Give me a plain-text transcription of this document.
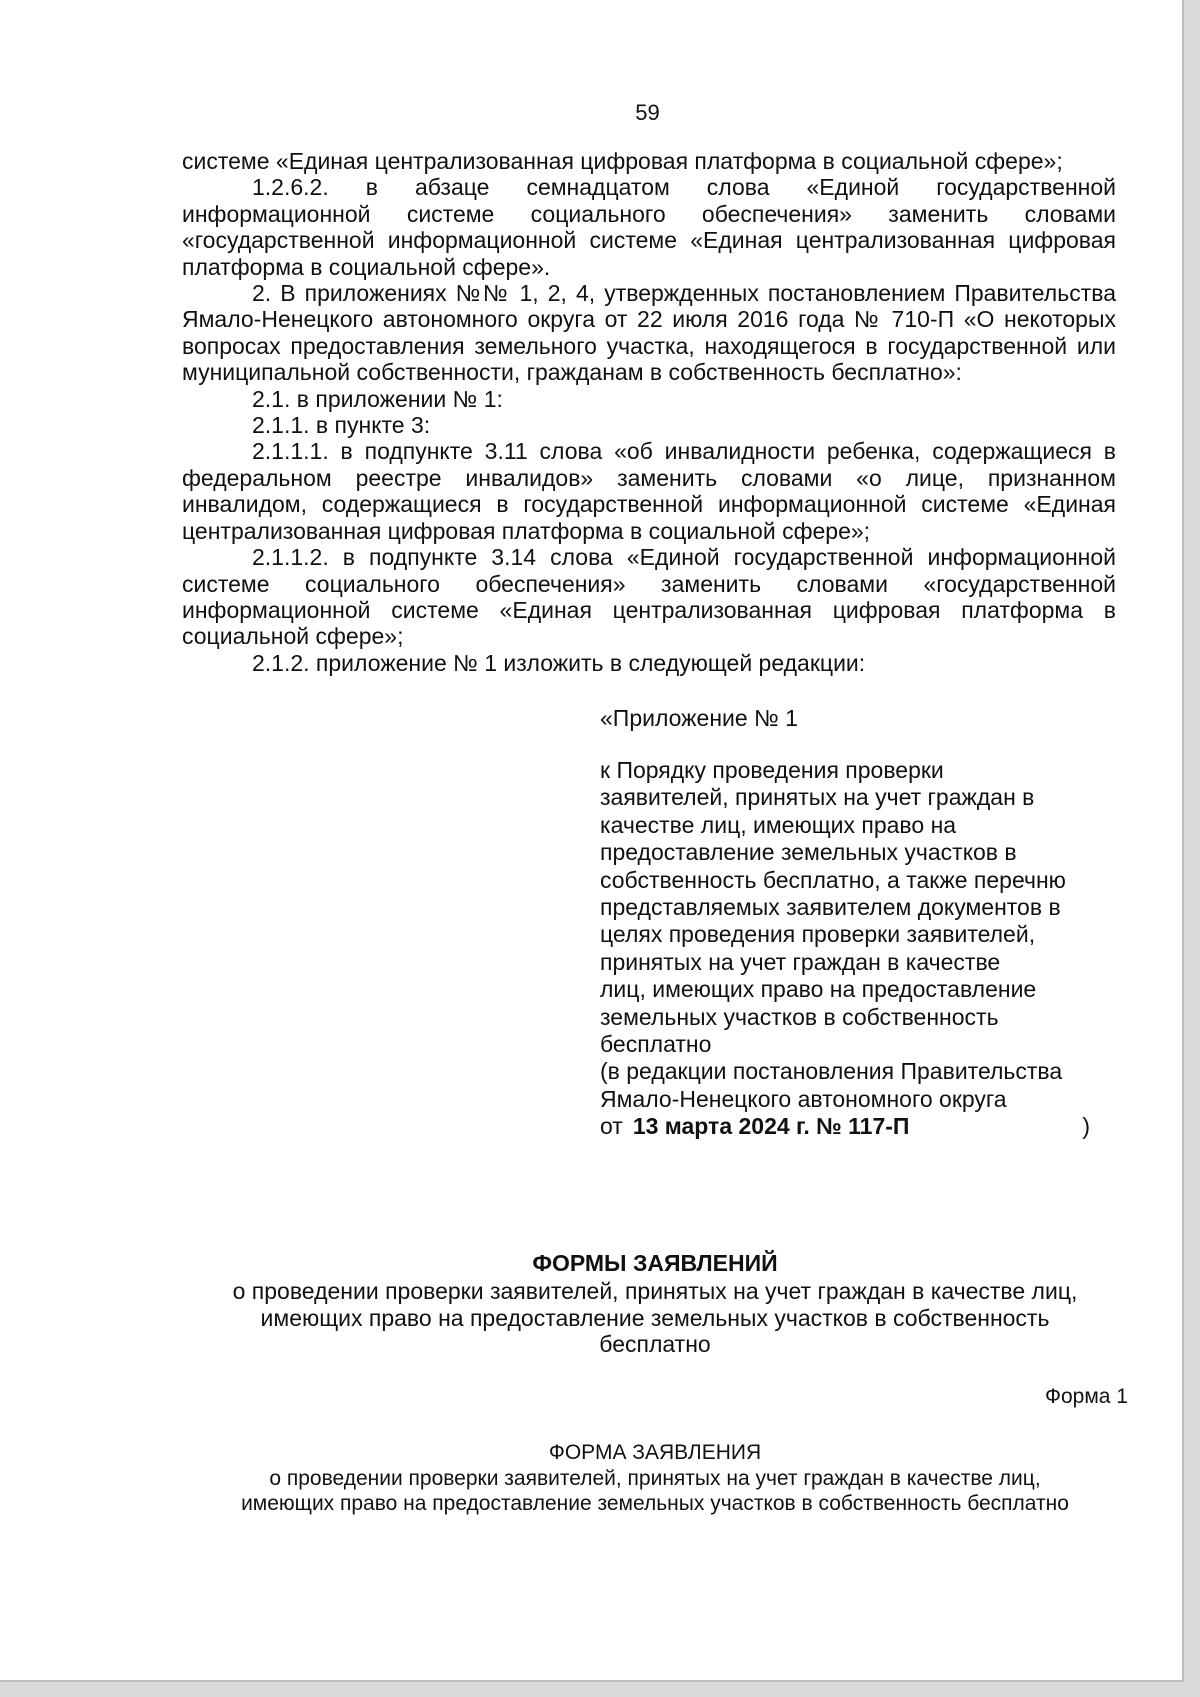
59

системе «Единая централизованная цифровая платформа в социальной сфере»;

1.2.6.2. в абзаце семнадцатом слова «Единой государственной информационной системе социального обеспечения» заменить словами «государственной информационной системе «Единая централизованная цифровая платформа в социальной сфере».

2. В приложениях №№ 1, 2, 4, утвержденных постановлением Правительства Ямало-Ненецкого автономного округа от 22 июля 2016 года № 710-П «О некоторых вопросах предоставления земельного участка, находящегося в государственной или муниципальной собственности, гражданам в собственность бесплатно»:

2.1. в приложении № 1:

2.1.1. в пункте 3:

2.1.1.1. в подпункте 3.11 слова «об инвалидности ребенка, содержащиеся в федеральном реестре инвалидов» заменить словами «о лице, признанном инвалидом, содержащиеся в государственной информационной системе «Единая централизованная цифровая платформа в социальной сфере»;

2.1.1.2. в подпункте 3.14 слова «Единой государственной информационной системе социального обеспечения» заменить словами «государственной информационной системе «Единая централизованная цифровая платформа в социальной сфере»;

2.1.2. приложение № 1 изложить в следующей редакции:

«Приложение № 1
к Порядку проведения проверки
заявителей, принятых на учет граждан в
качестве лиц, имеющих право на
предоставление земельных участков в
собственность бесплатно, а также перечню
представляемых заявителем документов в
целях проведения проверки заявителей,
принятых на учет граждан в качестве
лиц, имеющих право на предоставление
земельных участков в собственность
бесплатно
(в редакции постановления Правительства
Ямало-Ненецкого автономного округа
от 13 марта 2024 г. № 117-П	)
ФОРМЫ ЗАЯВЛЕНИЙ
о проведении проверки заявителей, принятых на учет граждан в качестве лиц,
имеющих право на предоставление земельных участков в собственность
бесплатно
Форма 1
ФОРМА ЗАЯВЛЕНИЯ
о проведении проверки заявителей, принятых на учет граждан в качестве лиц,
имеющих право на предоставление земельных участков в собственность бесплатно
